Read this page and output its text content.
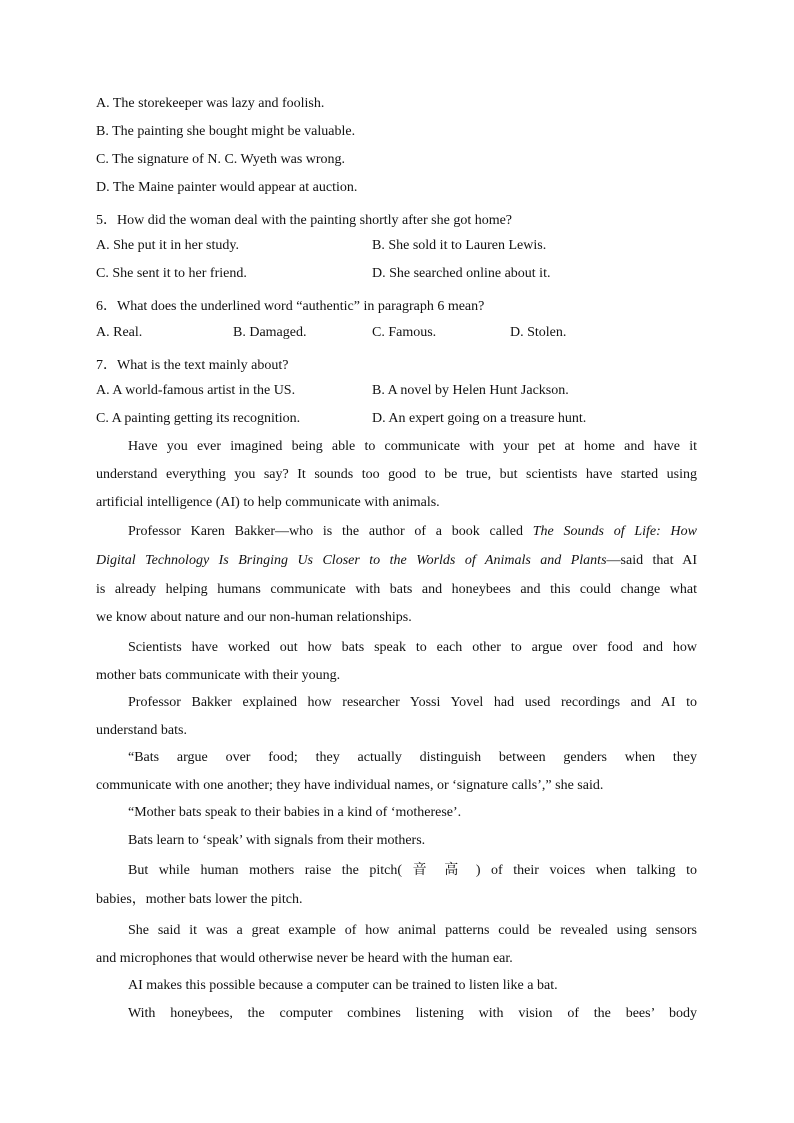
A. The storekeeper was lazy and foolish.
B. The painting she bought might be valuable.
C. The signature of N. C. Wyeth was wrong.
D. The Maine painter would appear at auction.
5．How did the woman deal with the painting shortly after she got home?
A. She put it in her study.	B. She sold it to Lauren Lewis.
C. She sent it to her friend.	D. She searched online about it.
6．What does the underlined word “authentic” in paragraph 6 mean?
A. Real.	B. Damaged.	C. Famous.	D. Stolen.
7．What is the text mainly about?
A. A world-famous artist in the US.	B. A novel by Helen Hunt Jackson.
C. A painting getting its recognition.	D. An expert going on a treasure hunt.
Have you ever imagined being able to communicate with your pet at home and have it
understand everything you say? It sounds too good to be true, but scientists have started using
artificial intelligence (AI) to help communicate with animals.
Professor Karen Bakker—who is the author of a book called The Sounds of Life: How
Digital Technology Is Bringing Us Closer to the Worlds of Animals and Plants—said that AI
is already helping humans communicate with bats and honeybees and this could change what
we know about nature and our non-human relationships.
Scientists have worked out how bats speak to each other to argue over food and how
mother bats communicate with their young.
Professor Bakker explained how researcher Yossi Yovel had used recordings and AI to
understand bats.
“Bats argue over food; they actually distinguish between genders when they
communicate with one another; they have individual names, or ‘signature calls’,” she said.
“Mother bats speak to their babies in a kind of ‘motherese’.
Bats learn to ‘speak’ with signals from their mothers.
But while human mothers raise the pitch( 音 高 ) of their voices when talking to
babies，mother bats lower the pitch.
She said it was a great example of how animal patterns could be revealed using sensors
and microphones that would otherwise never be heard with the human ear.
AI makes this possible because a computer can be trained to listen like a bat.
With honeybees, the computer combines listening with vision of the bees’ body
